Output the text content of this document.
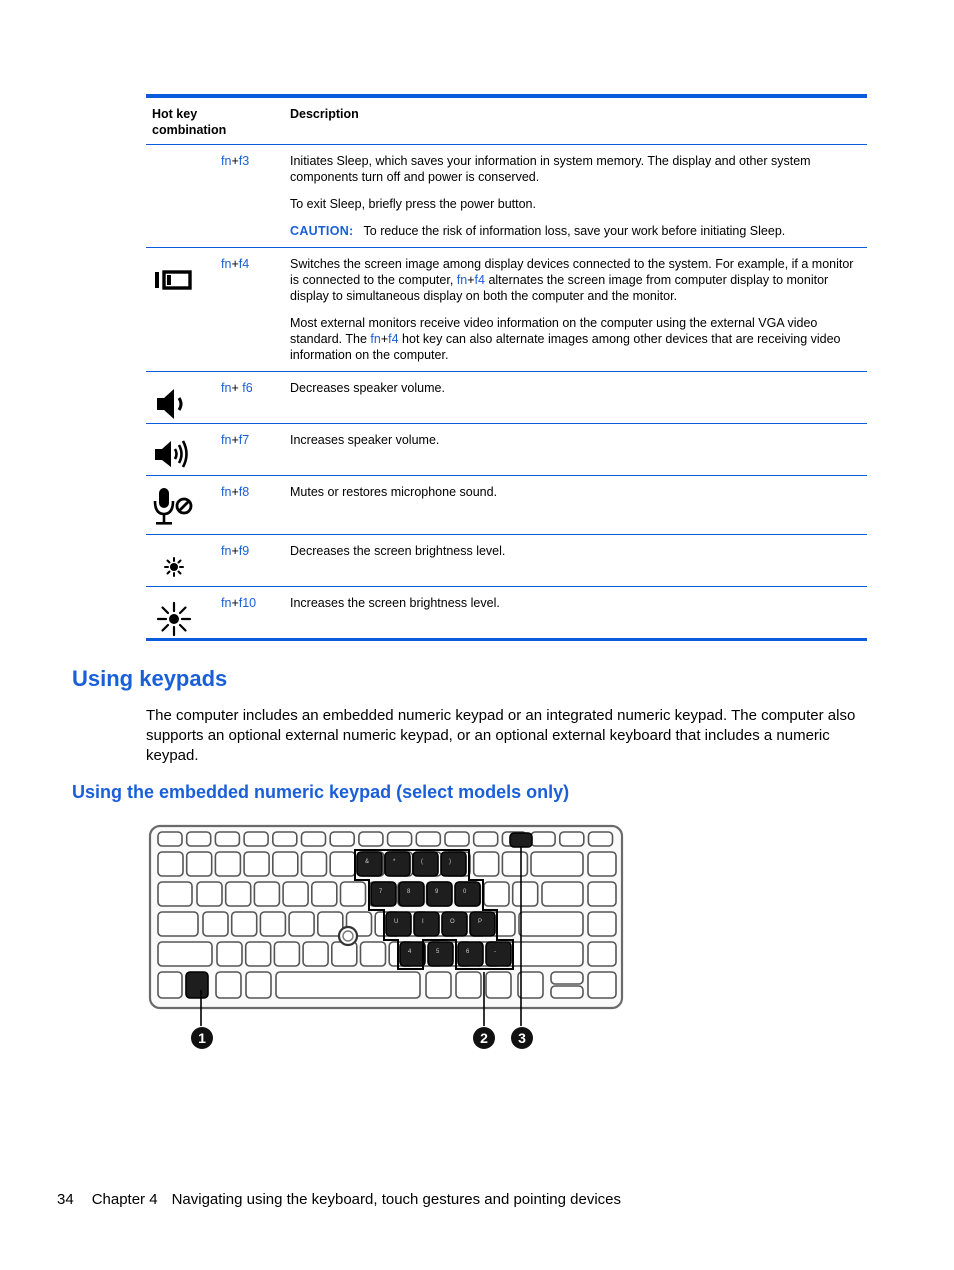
Hot key combination
Description
fn+f3	Initiates Sleep, which saves your information in system memory. The display and other system components turn off and power is conserved.

To exit Sleep, briefly press the power button.

CAUTION: To reduce the risk of information loss, save your work before initiating Sleep.

fn+f4	Switches the screen image among display devices connected to the system. For example, if a monitor is connected to the computer, fn+f4 alternates the screen image from computer display to monitor display to simultaneous display on both the computer and the monitor.

Most external monitors receive video information on the computer using the external VGA video standard. The fn+f4 hot key can also alternate images among other devices that are receiving video information on the computer.

fn+ f6	Decreases speaker volume.

fn+f7	Increases speaker volume.

fn+f8	Mutes or restores microphone sound.

fn+f9	Decreases the screen brightness level.

fn+f10	Increases the screen brightness level.

Using keypads

The computer includes an embedded numeric keypad or an integrated numeric keypad. The computer also supports an optional external numeric keypad, or an optional external keyboard that includes a numeric keypad.

Using the embedded numeric keypad (select models only)
&	*	(	)
7	8	9	0
U	I	O	P
4	5	6	-
1	2 3
34 Chapter 4 Navigating using the keyboard, touch gestures and pointing devices
